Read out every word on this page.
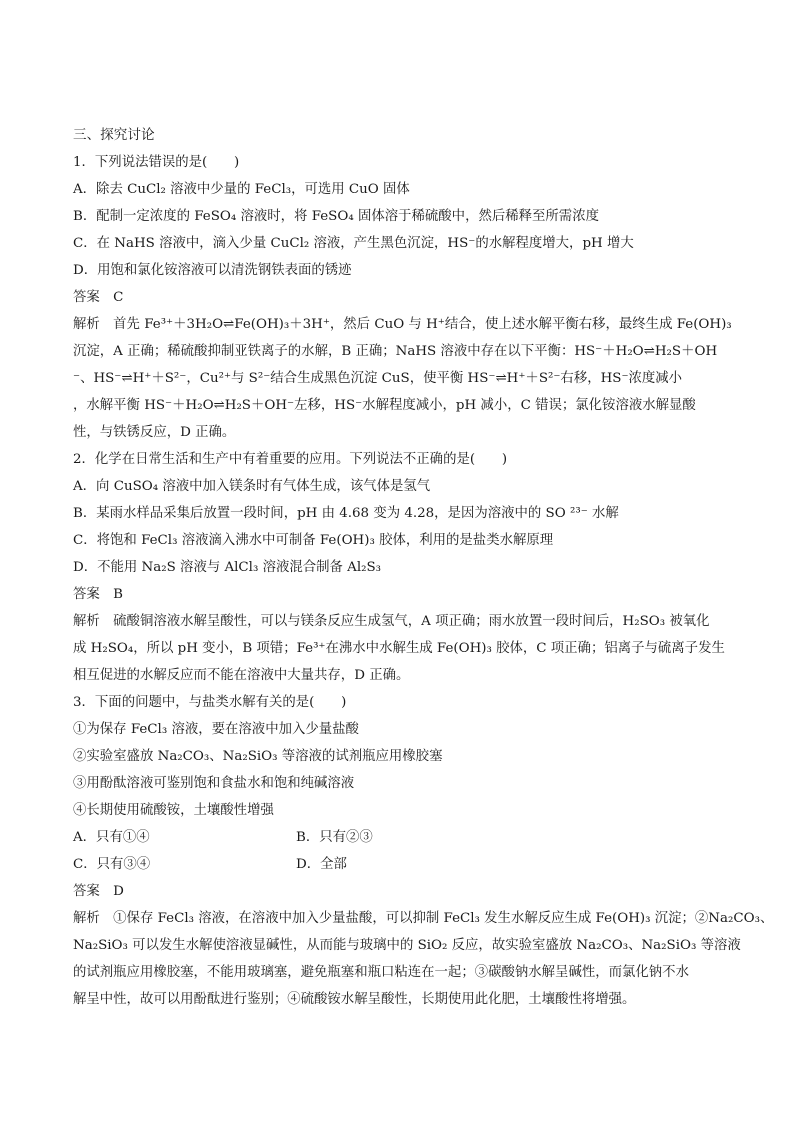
三、探究讨论
1．下列说法错误的是(　　)
A．除去 CuCl₂ 溶液中少量的 FeCl₃，可选用 CuO 固体
B．配制一定浓度的 FeSO₄ 溶液时，将 FeSO₄ 固体溶于稀硫酸中，然后稀释至所需浓度
C．在 NaHS 溶液中，滴入少量 CuCl₂ 溶液，产生黑色沉淀，HS⁻的水解程度增大，pH 增大
D．用饱和氯化铵溶液可以清洗钢铁表面的锈迹
答案　C
解析　首先 Fe³⁺＋3H₂O⇌Fe(OH)₃＋3H⁺，然后 CuO 与 H⁺结合，使上述水解平衡右移，最终生成 Fe(OH)₃
沉淀，A 正确；稀硫酸抑制亚铁离子的水解，B 正确；NaHS 溶液中存在以下平衡：HS⁻＋H₂O⇌H₂S＋OH
⁻、HS⁻⇌H⁺＋S²⁻，Cu²⁺与 S²⁻结合生成黑色沉淀 CuS，使平衡 HS⁻⇌H⁺＋S²⁻右移，HS⁻浓度减小
，水解平衡 HS⁻＋H₂O⇌H₂S＋OH⁻左移，HS⁻水解程度减小，pH 减小，C 错误；氯化铵溶液水解显酸
性，与铁锈反应，D 正确。
2．化学在日常生活和生产中有着重要的应用。下列说法不正确的是(　　)
A．向 CuSO₄ 溶液中加入镁条时有气体生成，该气体是氢气
B．某雨水样品采集后放置一段时间，pH 由 4.68 变为 4.28，是因为溶液中的 SO ²³⁻ 水解
C．将饱和 FeCl₃ 溶液滴入沸水中可制备 Fe(OH)₃ 胶体，利用的是盐类水解原理
D．不能用 Na₂S 溶液与 AlCl₃ 溶液混合制备 Al₂S₃
答案　B
解析　硫酸铜溶液水解呈酸性，可以与镁条反应生成氢气，A 项正确；雨水放置一段时间后，H₂SO₃ 被氧化
成 H₂SO₄，所以 pH 变小，B 项错；Fe³⁺在沸水中水解生成 Fe(OH)₃ 胶体，C 项正确；铝离子与硫离子发生
相互促进的水解反应而不能在溶液中大量共存，D 正确。
3．下面的问题中，与盐类水解有关的是(　　)
①为保存 FeCl₃ 溶液，要在溶液中加入少量盐酸
②实验室盛放 Na₂CO₃、Na₂SiO₃ 等溶液的试剂瓶应用橡胶塞
③用酚酞溶液可鉴别饱和食盐水和饱和纯碱溶液
④长期使用硫酸铵，土壤酸性增强
A．只有①④	B．只有②③
C．只有③④	D．全部
答案　D
解析　①保存 FeCl₃ 溶液，在溶液中加入少量盐酸，可以抑制 FeCl₃ 发生水解反应生成 Fe(OH)₃ 沉淀；②Na₂CO₃、
Na₂SiO₃ 可以发生水解使溶液显碱性，从而能与玻璃中的 SiO₂ 反应，故实验室盛放 Na₂CO₃、Na₂SiO₃ 等溶液
的试剂瓶应用橡胶塞，不能用玻璃塞，避免瓶塞和瓶口粘连在一起；③碳酸钠水解呈碱性，而氯化钠不水
解呈中性，故可以用酚酞进行鉴别；④硫酸铵水解呈酸性，长期使用此化肥，土壤酸性将增强。
